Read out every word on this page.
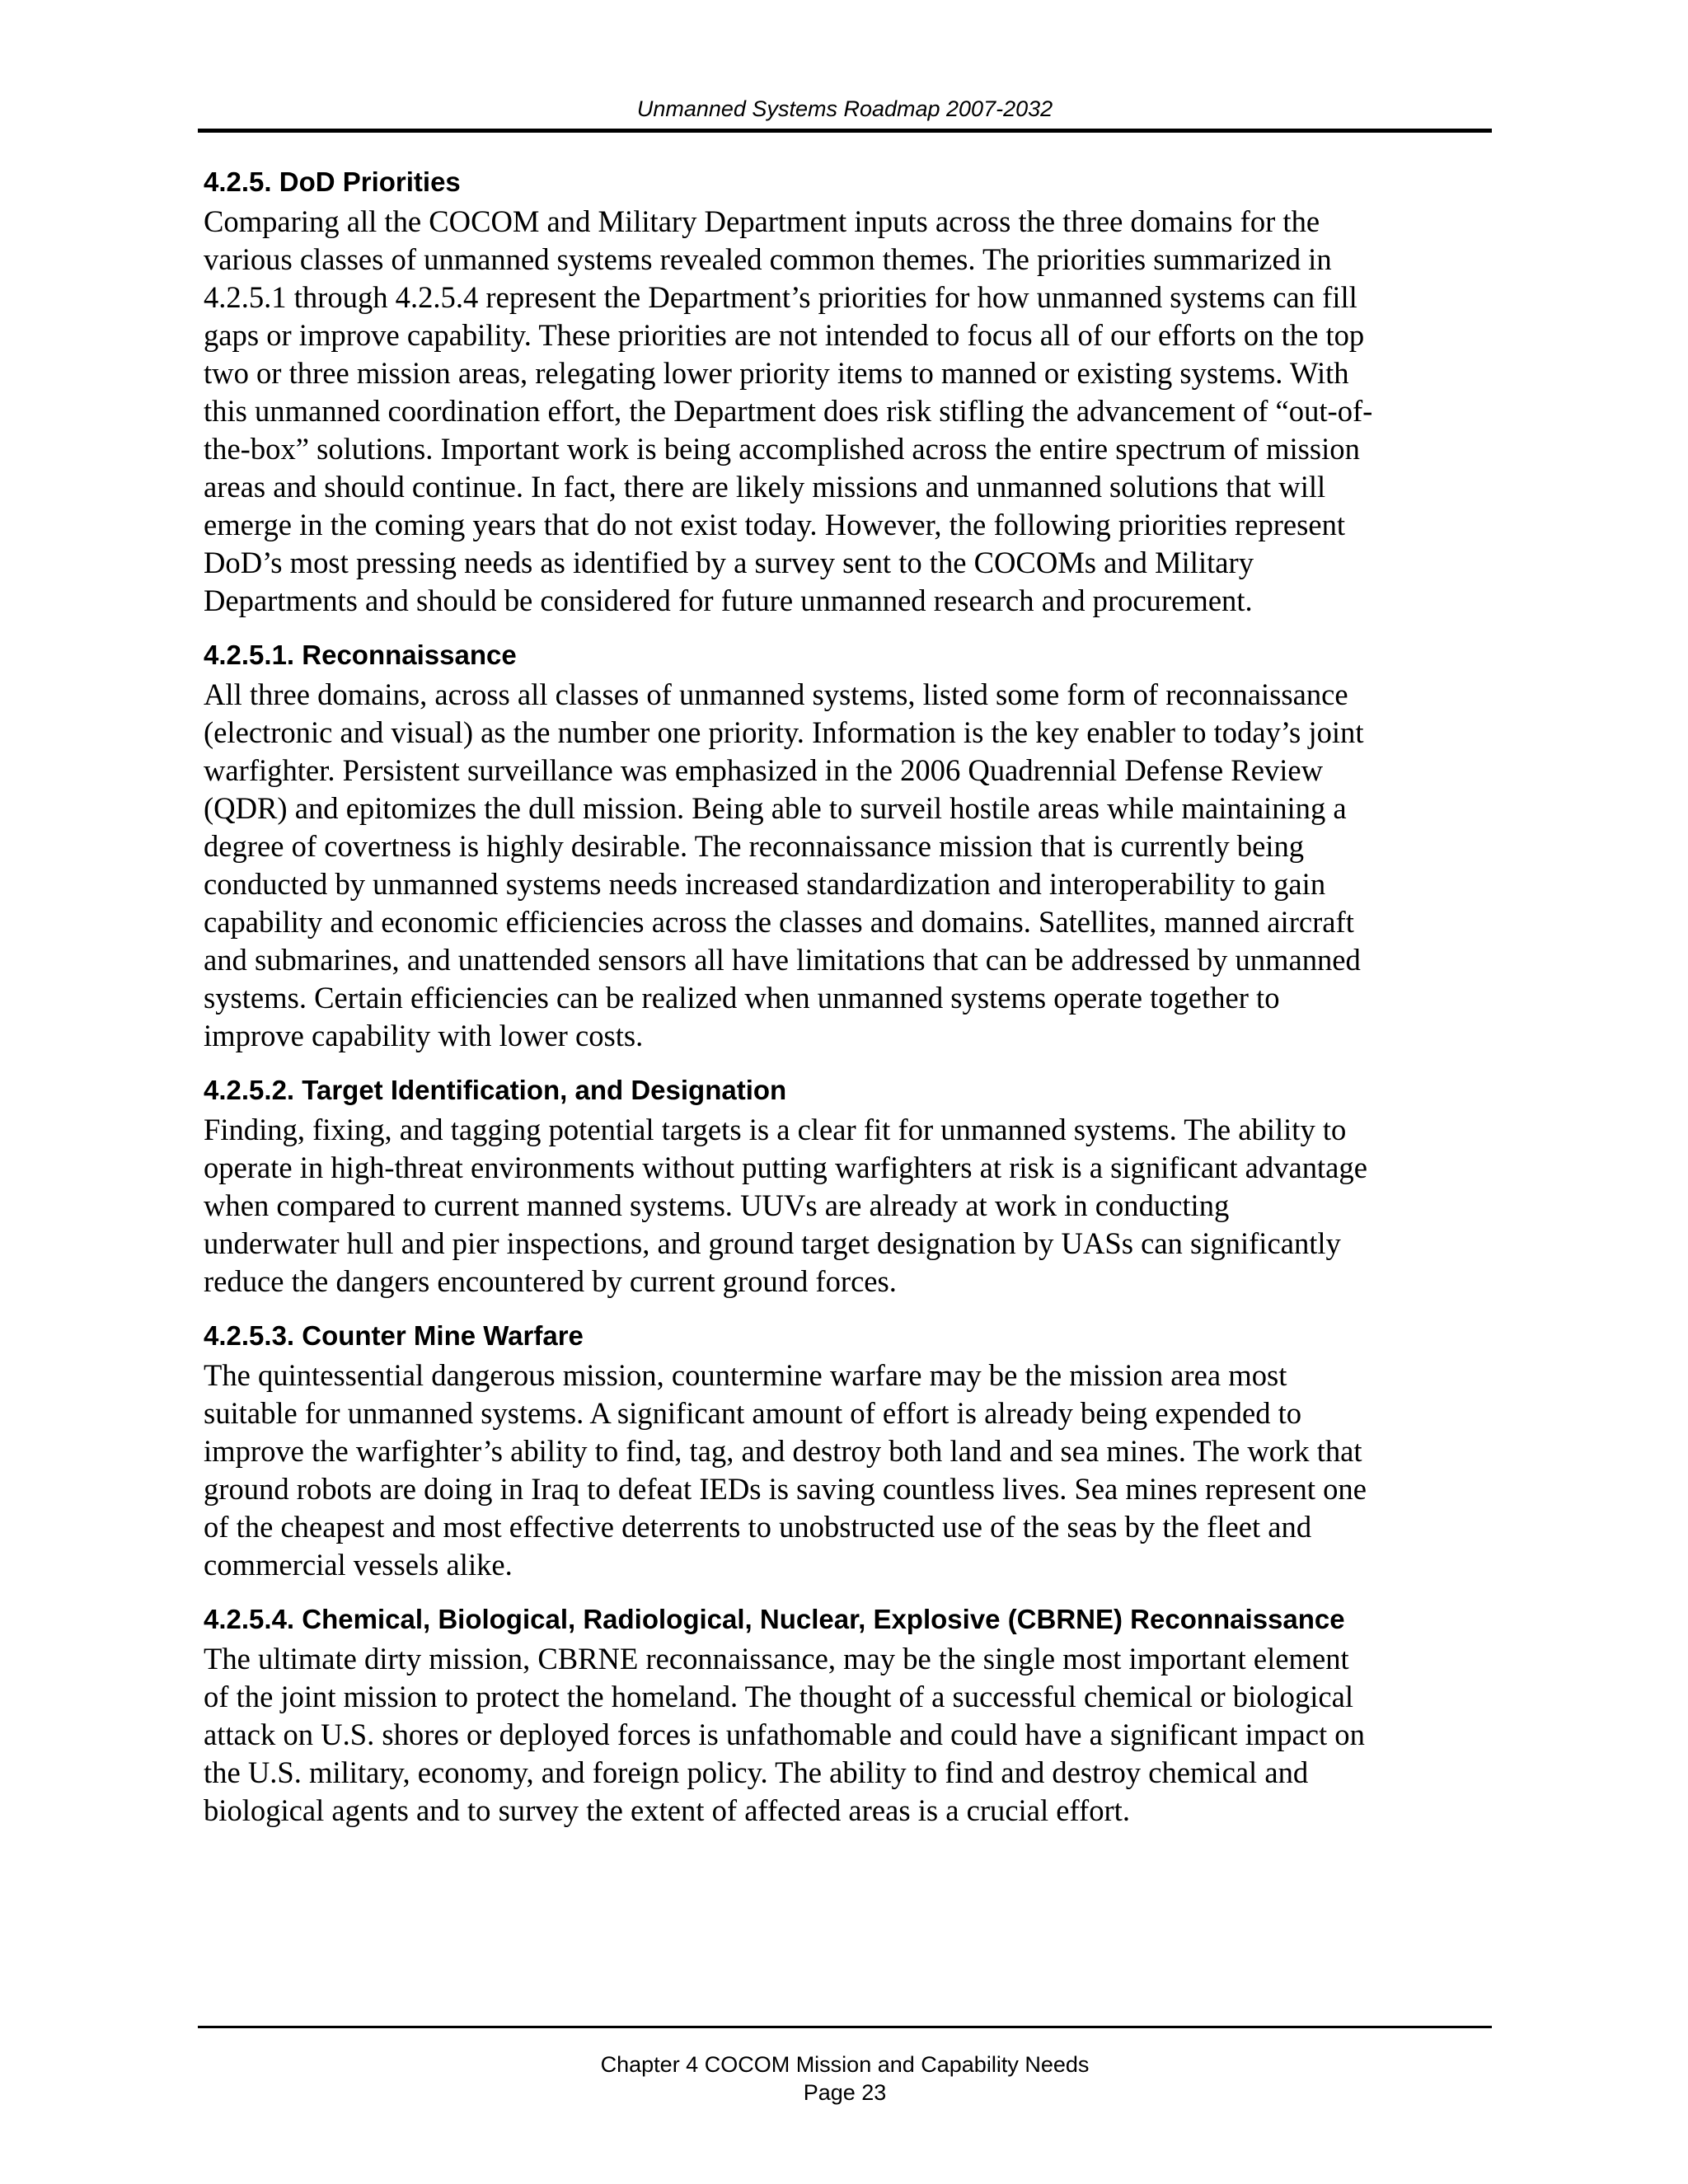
Unmanned Systems Roadmap 2007-2032
4.2.5. DoD Priorities

Comparing all the COCOM and Military Department inputs across the three domains for the
various classes of unmanned systems revealed common themes. The priorities summarized in
4.2.5.1 through 4.2.5.4 represent the Department’s priorities for how unmanned systems can fill
gaps or improve capability. These priorities are not intended to focus all of our efforts on the top
two or three mission areas, relegating lower priority items to manned or existing systems. With
this unmanned coordination effort, the Department does risk stifling the advancement of “out-of-
the-box” solutions. Important work is being accomplished across the entire spectrum of mission
areas and should continue. In fact, there are likely missions and unmanned solutions that will
emerge in the coming years that do not exist today. However, the following priorities represent
DoD’s most pressing needs as identified by a survey sent to the COCOMs and Military
Departments and should be considered for future unmanned research and procurement.

4.2.5.1. Reconnaissance

All three domains, across all classes of unmanned systems, listed some form of reconnaissance
(electronic and visual) as the number one priority. Information is the key enabler to today’s joint
warfighter. Persistent surveillance was emphasized in the 2006 Quadrennial Defense Review
(QDR) and epitomizes the dull mission. Being able to surveil hostile areas while maintaining a
degree of covertness is highly desirable. The reconnaissance mission that is currently being
conducted by unmanned systems needs increased standardization and interoperability to gain
capability and economic efficiencies across the classes and domains. Satellites, manned aircraft
and submarines, and unattended sensors all have limitations that can be addressed by unmanned
systems. Certain efficiencies can be realized when unmanned systems operate together to
improve capability with lower costs.

4.2.5.2. Target Identification, and Designation

Finding, fixing, and tagging potential targets is a clear fit for unmanned systems. The ability to
operate in high-threat environments without putting warfighters at risk is a significant advantage
when compared to current manned systems. UUVs are already at work in conducting
underwater hull and pier inspections, and ground target designation by UASs can significantly
reduce the dangers encountered by current ground forces.

4.2.5.3. Counter Mine Warfare

The quintessential dangerous mission, countermine warfare may be the mission area most
suitable for unmanned systems. A significant amount of effort is already being expended to
improve the warfighter’s ability to find, tag, and destroy both land and sea mines. The work that
ground robots are doing in Iraq to defeat IEDs is saving countless lives. Sea mines represent one
of the cheapest and most effective deterrents to unobstructed use of the seas by the fleet and
commercial vessels alike.

4.2.5.4. Chemical, Biological, Radiological, Nuclear, Explosive (CBRNE) Reconnaissance

The ultimate dirty mission, CBRNE reconnaissance, may be the single most important element
of the joint mission to protect the homeland. The thought of a successful chemical or biological
attack on U.S. shores or deployed forces is unfathomable and could have a significant impact on
the U.S. military, economy, and foreign policy. The ability to find and destroy chemical and
biological agents and to survey the extent of affected areas is a crucial effort.

Chapter 4 COCOM Mission and Capability Needs
Page 23
